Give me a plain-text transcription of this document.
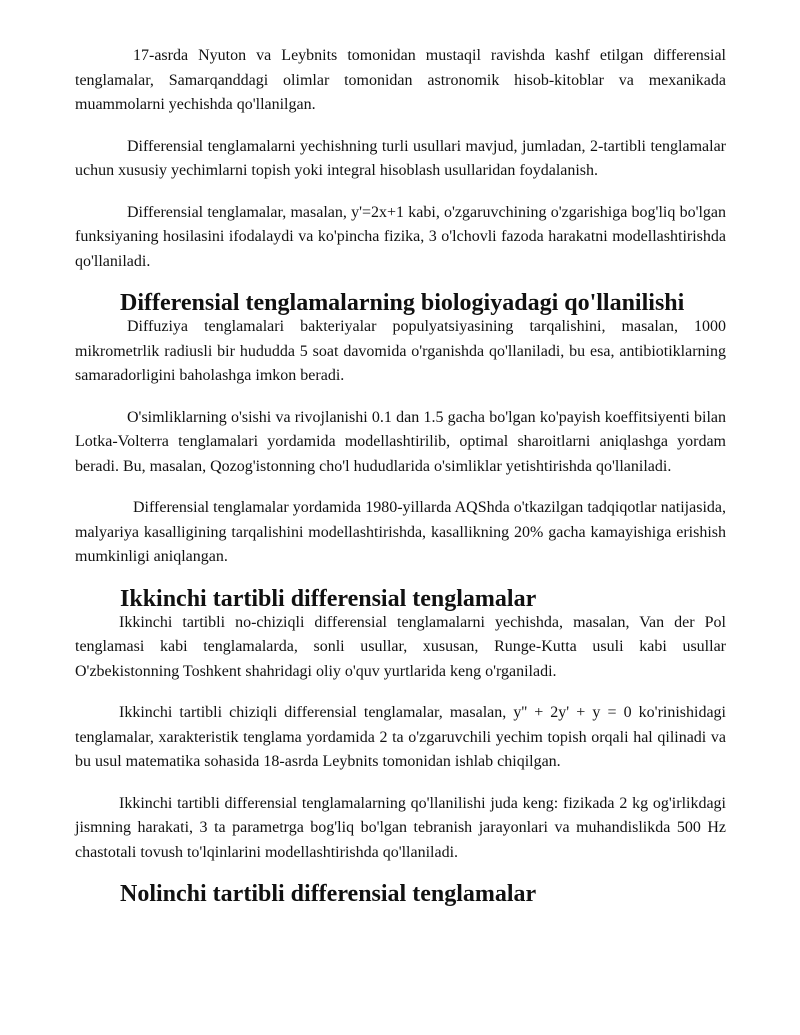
17-asrda Nyuton va Leybnits tomonidan mustaqil ravishda kashf etilgan differensial tenglamalar, Samarqanddagi olimlar tomonidan astronomik hisob-kitoblar va mexanikada muammolarni yechishda qo'llanilgan.

Differensial tenglamalarni yechishning turli usullari mavjud, jumladan, 2-tartibli tenglamalar uchun xususiy yechimlarni topish yoki integral hisoblash usullaridan foydalanish.

Differensial tenglamalar, masalan, y'=2x+1 kabi, o'zgaruvchining o'zgarishiga bog'liq bo'lgan funksiyaning hosilasini ifodalaydi va ko'pincha fizika, 3 o'lchovli fazoda harakatni modellashtirishda qo'llaniladi.

Differensial tenglamalarning biologiyadagi qo'llanilishi

Diffuziya tenglamalari bakteriyalar populyatsiyasining tarqalishini, masalan, 1000 mikrometrlik radiusli bir hududda 5 soat davomida o'rganishda qo'llaniladi, bu esa, antibiotiklarning samaradorligini baholashga imkon beradi.

O'simliklarning o'sishi va rivojlanishi 0.1 dan 1.5 gacha bo'lgan ko'payish koeffitsiyenti bilan Lotka-Volterra tenglamalari yordamida modellashtirilib, optimal sharoitlarni aniqlashga yordam beradi. Bu, masalan, Qozog'istonning cho'l hududlarida o'simliklar yetishtirishda qo'llaniladi.

Differensial tenglamalar yordamida 1980-yillarda AQShda o'tkazilgan tadqiqotlar natijasida, malyariya kasalligining tarqalishini modellashtirishda, kasallikning 20% gacha kamayishiga erishish mumkinligi aniqlangan.

Ikkinchi tartibli differensial tenglamalar

Ikkinchi tartibli no-chiziqli differensial tenglamalarni yechishda, masalan, Van der Pol tenglamasi kabi tenglamalarda, sonli usullar, xususan, Runge-Kutta usuli kabi usullar O'zbekistonning Toshkent shahridagi oliy o'quv yurtlarida keng o'rganiladi.

Ikkinchi tartibli chiziqli differensial tenglamalar, masalan, y'' + 2y' + y = 0 ko'rinishidagi tenglamalar, xarakteristik tenglama yordamida 2 ta o'zgaruvchili yechim topish orqali hal qilinadi va bu usul matematika sohasida 18-asrda Leybnits tomonidan ishlab chiqilgan.

Ikkinchi tartibli differensial tenglamalarning qo'llanilishi juda keng: fizikada 2 kg og'irlikdagi jismning harakati, 3 ta parametrga bog'liq bo'lgan tebranish jarayonlari va muhandislikda 500 Hz chastotali tovush to'lqinlarini modellashtirishda qo'llaniladi.

Nolinchi tartibli differensial tenglamalar
